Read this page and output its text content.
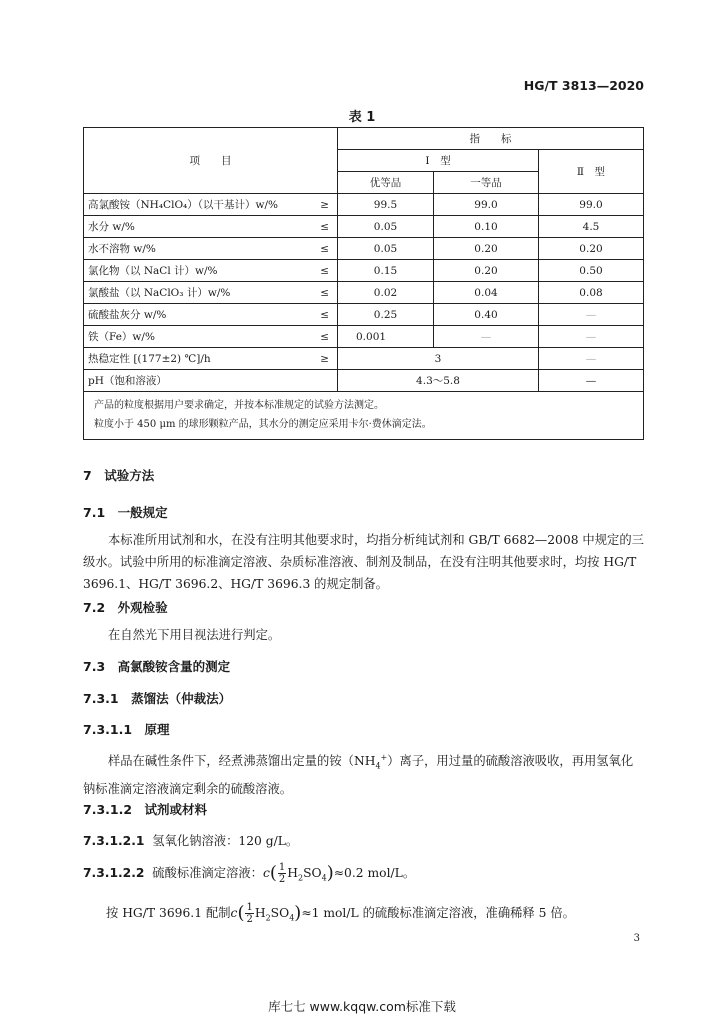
HG/T 3813—2020
表 1
项　　目		指　　标		
		Ⅰ　型		Ⅱ　型
		优等品	一等品	
高氯酸铵（NH₄ClO₄）（以干基计）w/%	≥	99.5	99.0	99.0
水分 w/%	≤	0.05	0.10	4.5
水不溶物 w/%	≤	0.05	0.20	0.20
氯化物（以 NaCl 计）w/%	≤	0.15	0.20	0.50
氯酸盐（以 NaClO₃ 计）w/%	≤	0.02	0.04	0.08
硫酸盐灰分 w/%	≤	0.25	0.40	—
铁（Fe）w/%	≤	0.001	—	—
热稳定性 [(177±2) ℃]/h	≥	3		—
pH（饱和溶液）		4.3～5.8		—

产品的粒度根据用户要求确定，并按本标准规定的试验方法测定。
粒度小于 450 μm 的球形颗粒产品，其水分的测定应采用卡尔·费休滴定法。				
7　试验方法
7.1　一般规定
本标准所用试剂和水，在没有注明其他要求时，均指分析纯试剂和 GB/T 6682—2008 中规定的三级水。试验中所用的标准滴定溶液、杂质标准溶液、制剂及制品，在没有注明其他要求时，均按 HG/T 3696.1、HG/T 3696.2、HG/T 3696.3 的规定制备。
7.2　外观检验
在自然光下用目视法进行判定。
7.3　高氯酸铵含量的测定
7.3.1　蒸馏法（仲裁法）
7.3.1.1　原理
样品在碱性条件下，经煮沸蒸馏出定量的铵$(NH_4^+)$离子，用过量的硫酸溶液吸收，再用氢氧化钠标准滴定溶液滴定剩余的硫酸溶液。
7.3.1.2　试剂或材料
7.3.1.2.1 氢氧化钠溶液：120 g/L。
7.3.1.2.2 硫酸标准滴定溶液：$c( \frac{1}{2} H_2SO_4)\approx 0.2$ mol/L。
按 HG/T 3696.1 配制$c( \frac{1}{2} H_2SO_4)\approx 1$ mol/L 的硫酸标准滴定溶液，准确稀释 5 倍。
3
库七七 www.kqqw.com标准下载
